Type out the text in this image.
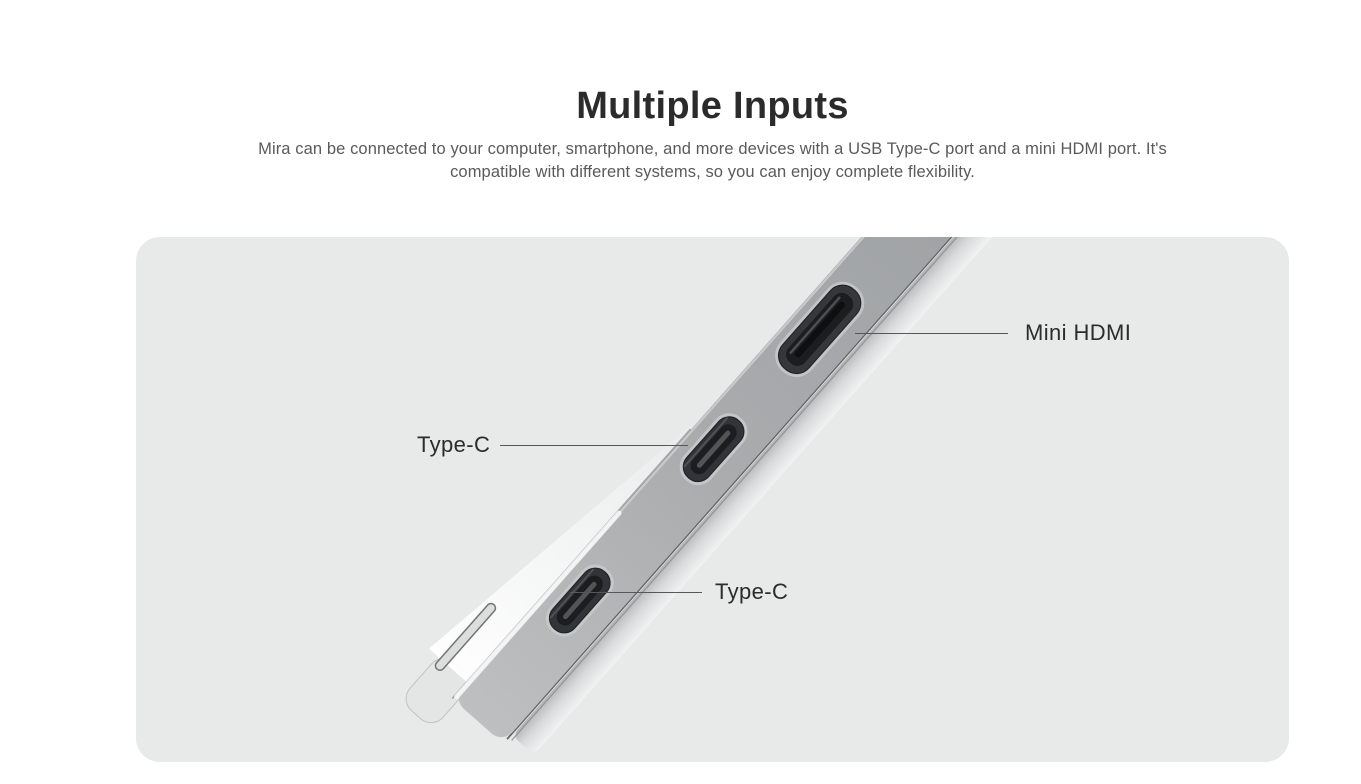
Multiple Inputs

Mira can be connected to your computer, smartphone, and more devices with a USB Type-C port and a mini HDMI port. It's
compatible with different systems, so you can enjoy complete flexibility.

Mini HDMI
Type-C
Type-C
